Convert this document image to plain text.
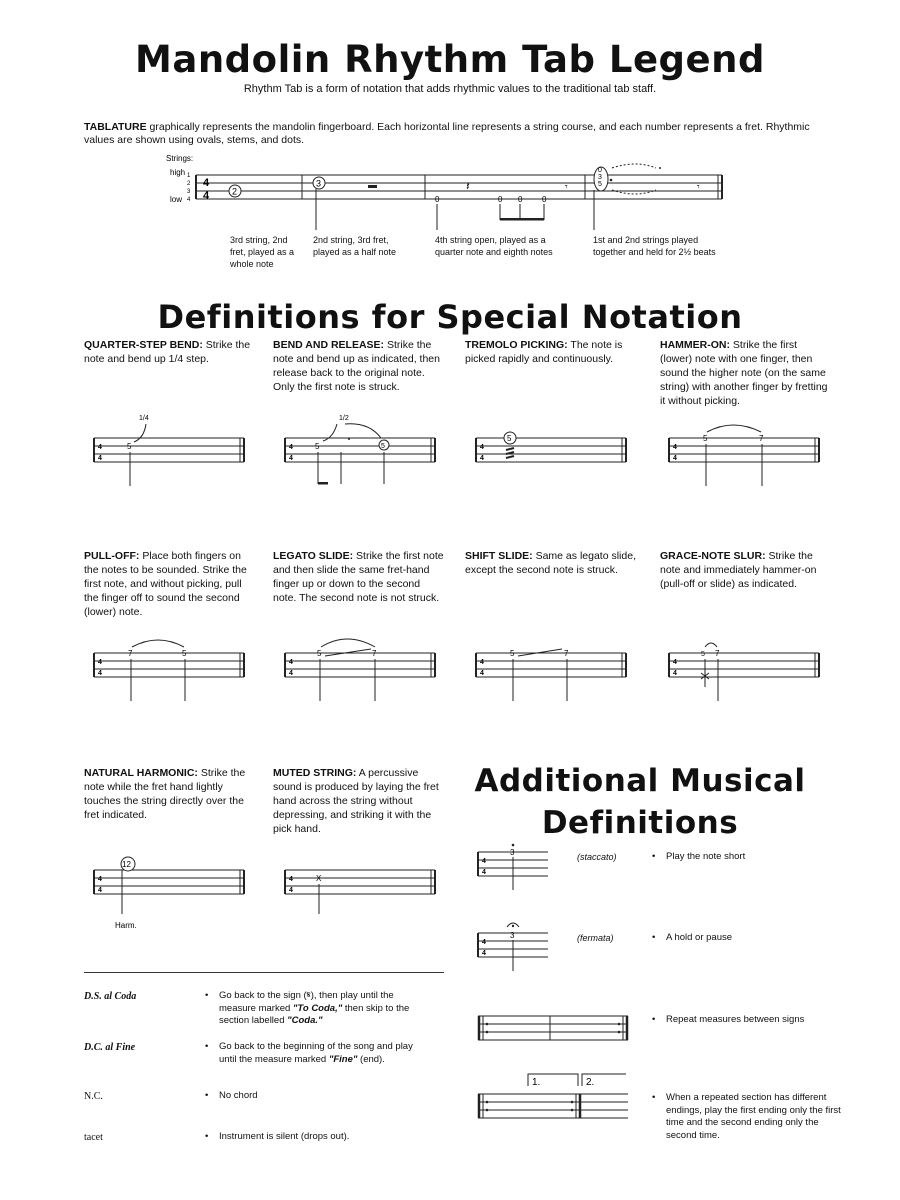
Mandolin Rhythm Tab Legend
Rhythm Tab is a form of notation that adds rhythmic values to the traditional tab staff.
TABLATURE graphically represents the mandolin fingerboard. Each horizontal line represents a string course, and each number represents a fret. Rhythmic values are shown using ovals, stems, and dots.
Strings:
high
low
1
2
3
4
4
4	2
3
0
𝄽
0 0 0
𝄾
3
5
0
𝄾
3rd string, 2nd fret, played as a whole note
2nd string, 3rd fret, played as a half note
4th string open, played as a quarter note and eighth notes
1st and 2nd strings played together and held for 2½ beats
Definitions for Special Notation
QUARTER-STEP BEND: Strike the note and bend up 1/4 step.
BEND AND RELEASE: Strike the note and bend up as indicated, then release back to the original note. Only the first note is struck.
TREMOLO PICKING: The note is picked rapidly and continuously.
HAMMER-ON: Strike the first (lower) note with one finger, then sound the higher note (on the same string) with another finger by fretting it without picking.
4
4
5
1/4
4
4
5
1/2
5	4
4
5
4
4
5	7
PULL-OFF: Place both fingers on the notes to be sounded. Strike the first note, and without picking, pull the finger off to sound the second (lower) note.
LEGATO SLIDE: Strike the first note and then slide the same fret-hand finger up or down to the second note. The second note is not struck.
SHIFT SLIDE: Same as legato slide, except the second note is struck.
GRACE-NOTE SLUR: Strike the note and immediately hammer-on (pull-off or slide) as indicated.
4
4
7	5
4
4
5	7
4
4
5	7
4
4
5 7
NATURAL HARMONIC: Strike the note while the fret hand lightly touches the string directly over the fret indicated.
MUTED STRING: A percussive sound is produced by laying the fret hand across the string without depressing, and striking it with the pick hand.
4
4
12
Harm.
4
4
X
Additional Musical
Definitions
4
4
3	(staccato)	• Play the note short
4
4
3	(fermata)	• A hold or pause
• Repeat measures between signs
1.	2.
•	When a repeated section has different endings, play the first ending only the first time and the second ending only the second time.
D.S. al Coda	•	Go back to the sign (𝄋), then play until the measure marked "To Coda," then skip to the section labelled "Coda."
D.C. al Fine	•	Go back to the beginning of the song and play until the measure marked "Fine" (end).
N.C.	• No chord
tacet	• Instrument is silent (drops out).
